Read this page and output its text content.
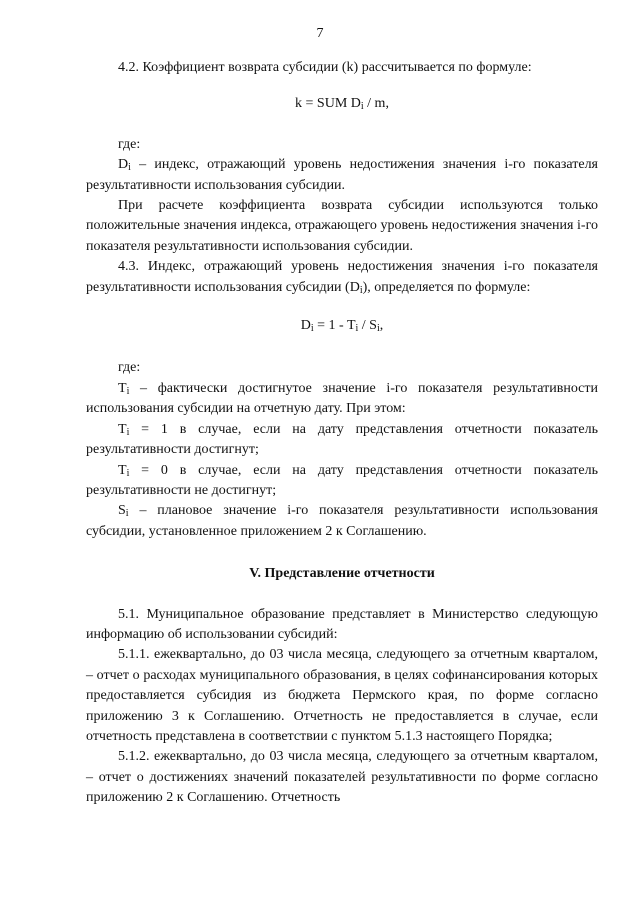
7

4.2. Коэффициент возврата субсидии (k) рассчитывается по формуле:

k = SUM $D_i$ / m,

где:

$D_i$ – индекс, отражающий уровень недостижения значения i-го показателя результативности использования субсидии.

При расчете коэффициента возврата субсидии используются только положительные значения индекса, отражающего уровень недостижения значения i-го показателя результативности использования субсидии.

4.3. Индекс, отражающий уровень недостижения значения i-го показателя результативности использования субсидии $(D_i)$, определяется по формуле:

$D_i = 1 - T_i / S_i$,

где:

$T_i$ – фактически достигнутое значение i-го показателя результативности использования субсидии на отчетную дату. При этом:

$T_i = 1$ в случае, если на дату представления отчетности показатель результативности достигнут;

$T_i = 0$ в случае, если на дату представления отчетности показатель результативности не достигнут;

$S_i$ – плановое значение i-го показателя результативности использования субсидии, установленное приложением 2 к Соглашению.

V. Представление отчетности

5.1. Муниципальное образование представляет в Министерство следующую информацию об использовании субсидий:

5.1.1. ежеквартально, до 03 числа месяца, следующего за отчетным кварталом, – отчет о расходах муниципального образования, в целях софинансирования которых предоставляется субсидия из бюджета Пермского края, по форме согласно приложению 3 к Соглашению. Отчетность не предоставляется в случае, если отчетность представлена в соответствии с пунктом 5.1.3 настоящего Порядка;

5.1.2. ежеквартально, до 03 числа месяца, следующего за отчетным кварталом, – отчет о достижениях значений показателей результативности по форме согласно приложению 2 к Соглашению. Отчетность
